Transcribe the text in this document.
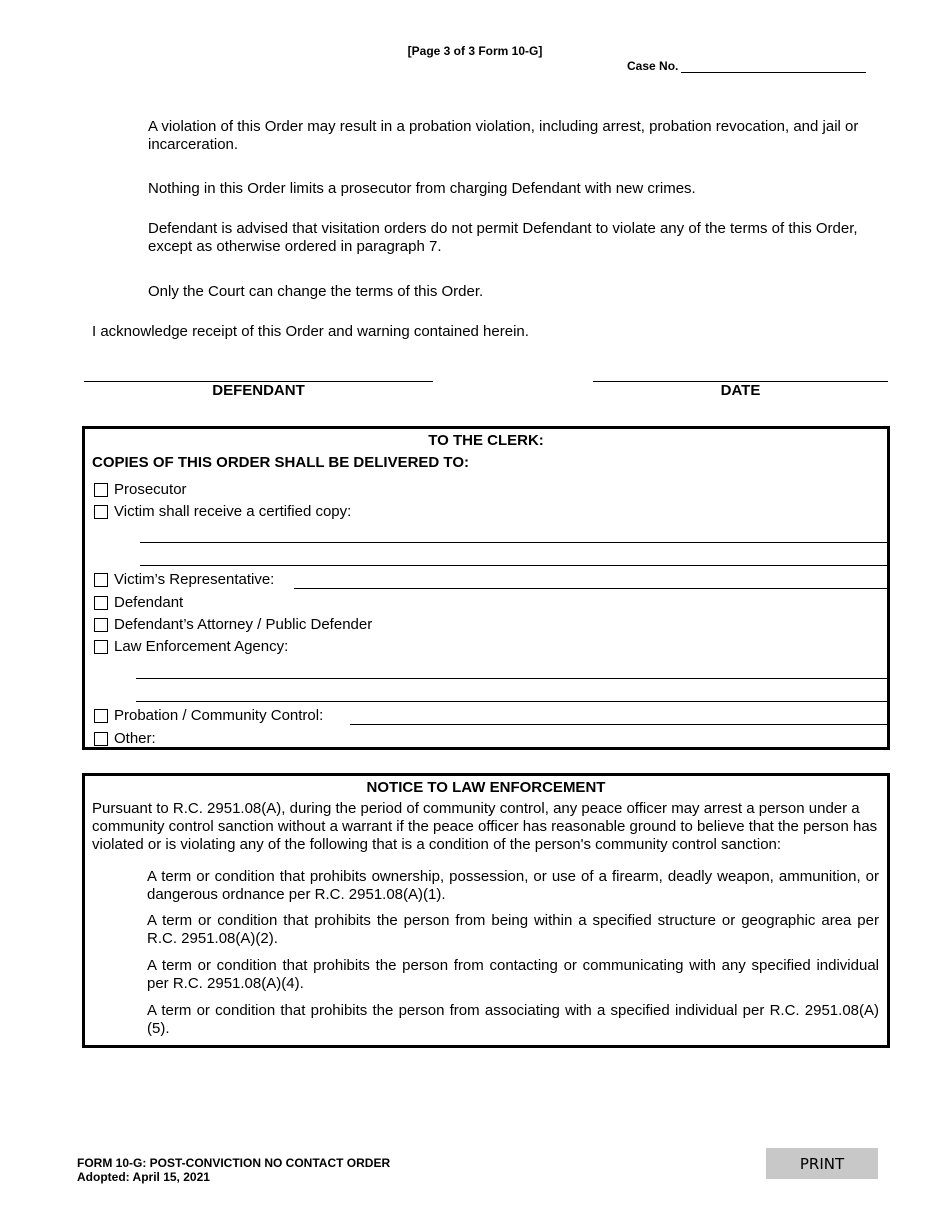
[Page 3 of 3 Form 10-G]
Case No.
A violation of this Order may result in a probation violation, including arrest, probation revocation, and jail or incarceration.
Nothing in this Order limits a prosecutor from charging Defendant with new crimes.
Defendant is advised that visitation orders do not permit Defendant to violate any of the terms of this Order, except as otherwise ordered in paragraph 7.
Only the Court can change the terms of this Order.
I acknowledge receipt of this Order and warning contained herein.
DEFENDANT	DATE
TO THE CLERK:
COPIES OF THIS ORDER SHALL BE DELIVERED TO:
Prosecutor
Victim shall receive a certified copy:
Victim’s Representative:
Defendant
Defendant’s Attorney / Public Defender
Law Enforcement Agency:
Probation / Community Control:
Other:
NOTICE TO LAW ENFORCEMENT
Pursuant to R.C. 2951.08(A), during the period of community control, any peace officer may arrest a person under a community control sanction without a warrant if the peace officer has reasonable ground to believe that the person has violated or is violating any of the following that is a condition of the person's community control sanction:
A term or condition that prohibits ownership, possession, or use of a firearm, deadly weapon, ammunition, or dangerous ordnance per R.C. 2951.08(A)(1).
A term or condition that prohibits the person from being within a specified structure or geographic area per R.C. 2951.08(A)(2).
A term or condition that prohibits the person from contacting or communicating with any specified individual per R.C. 2951.08(A)(4).
A term or condition that prohibits the person from associating with a specified individual per R.C. 2951.08(A)(5).
FORM 10-G: POST-CONVICTION NO CONTACT ORDER
Adopted: April 15, 2021
PRINT
